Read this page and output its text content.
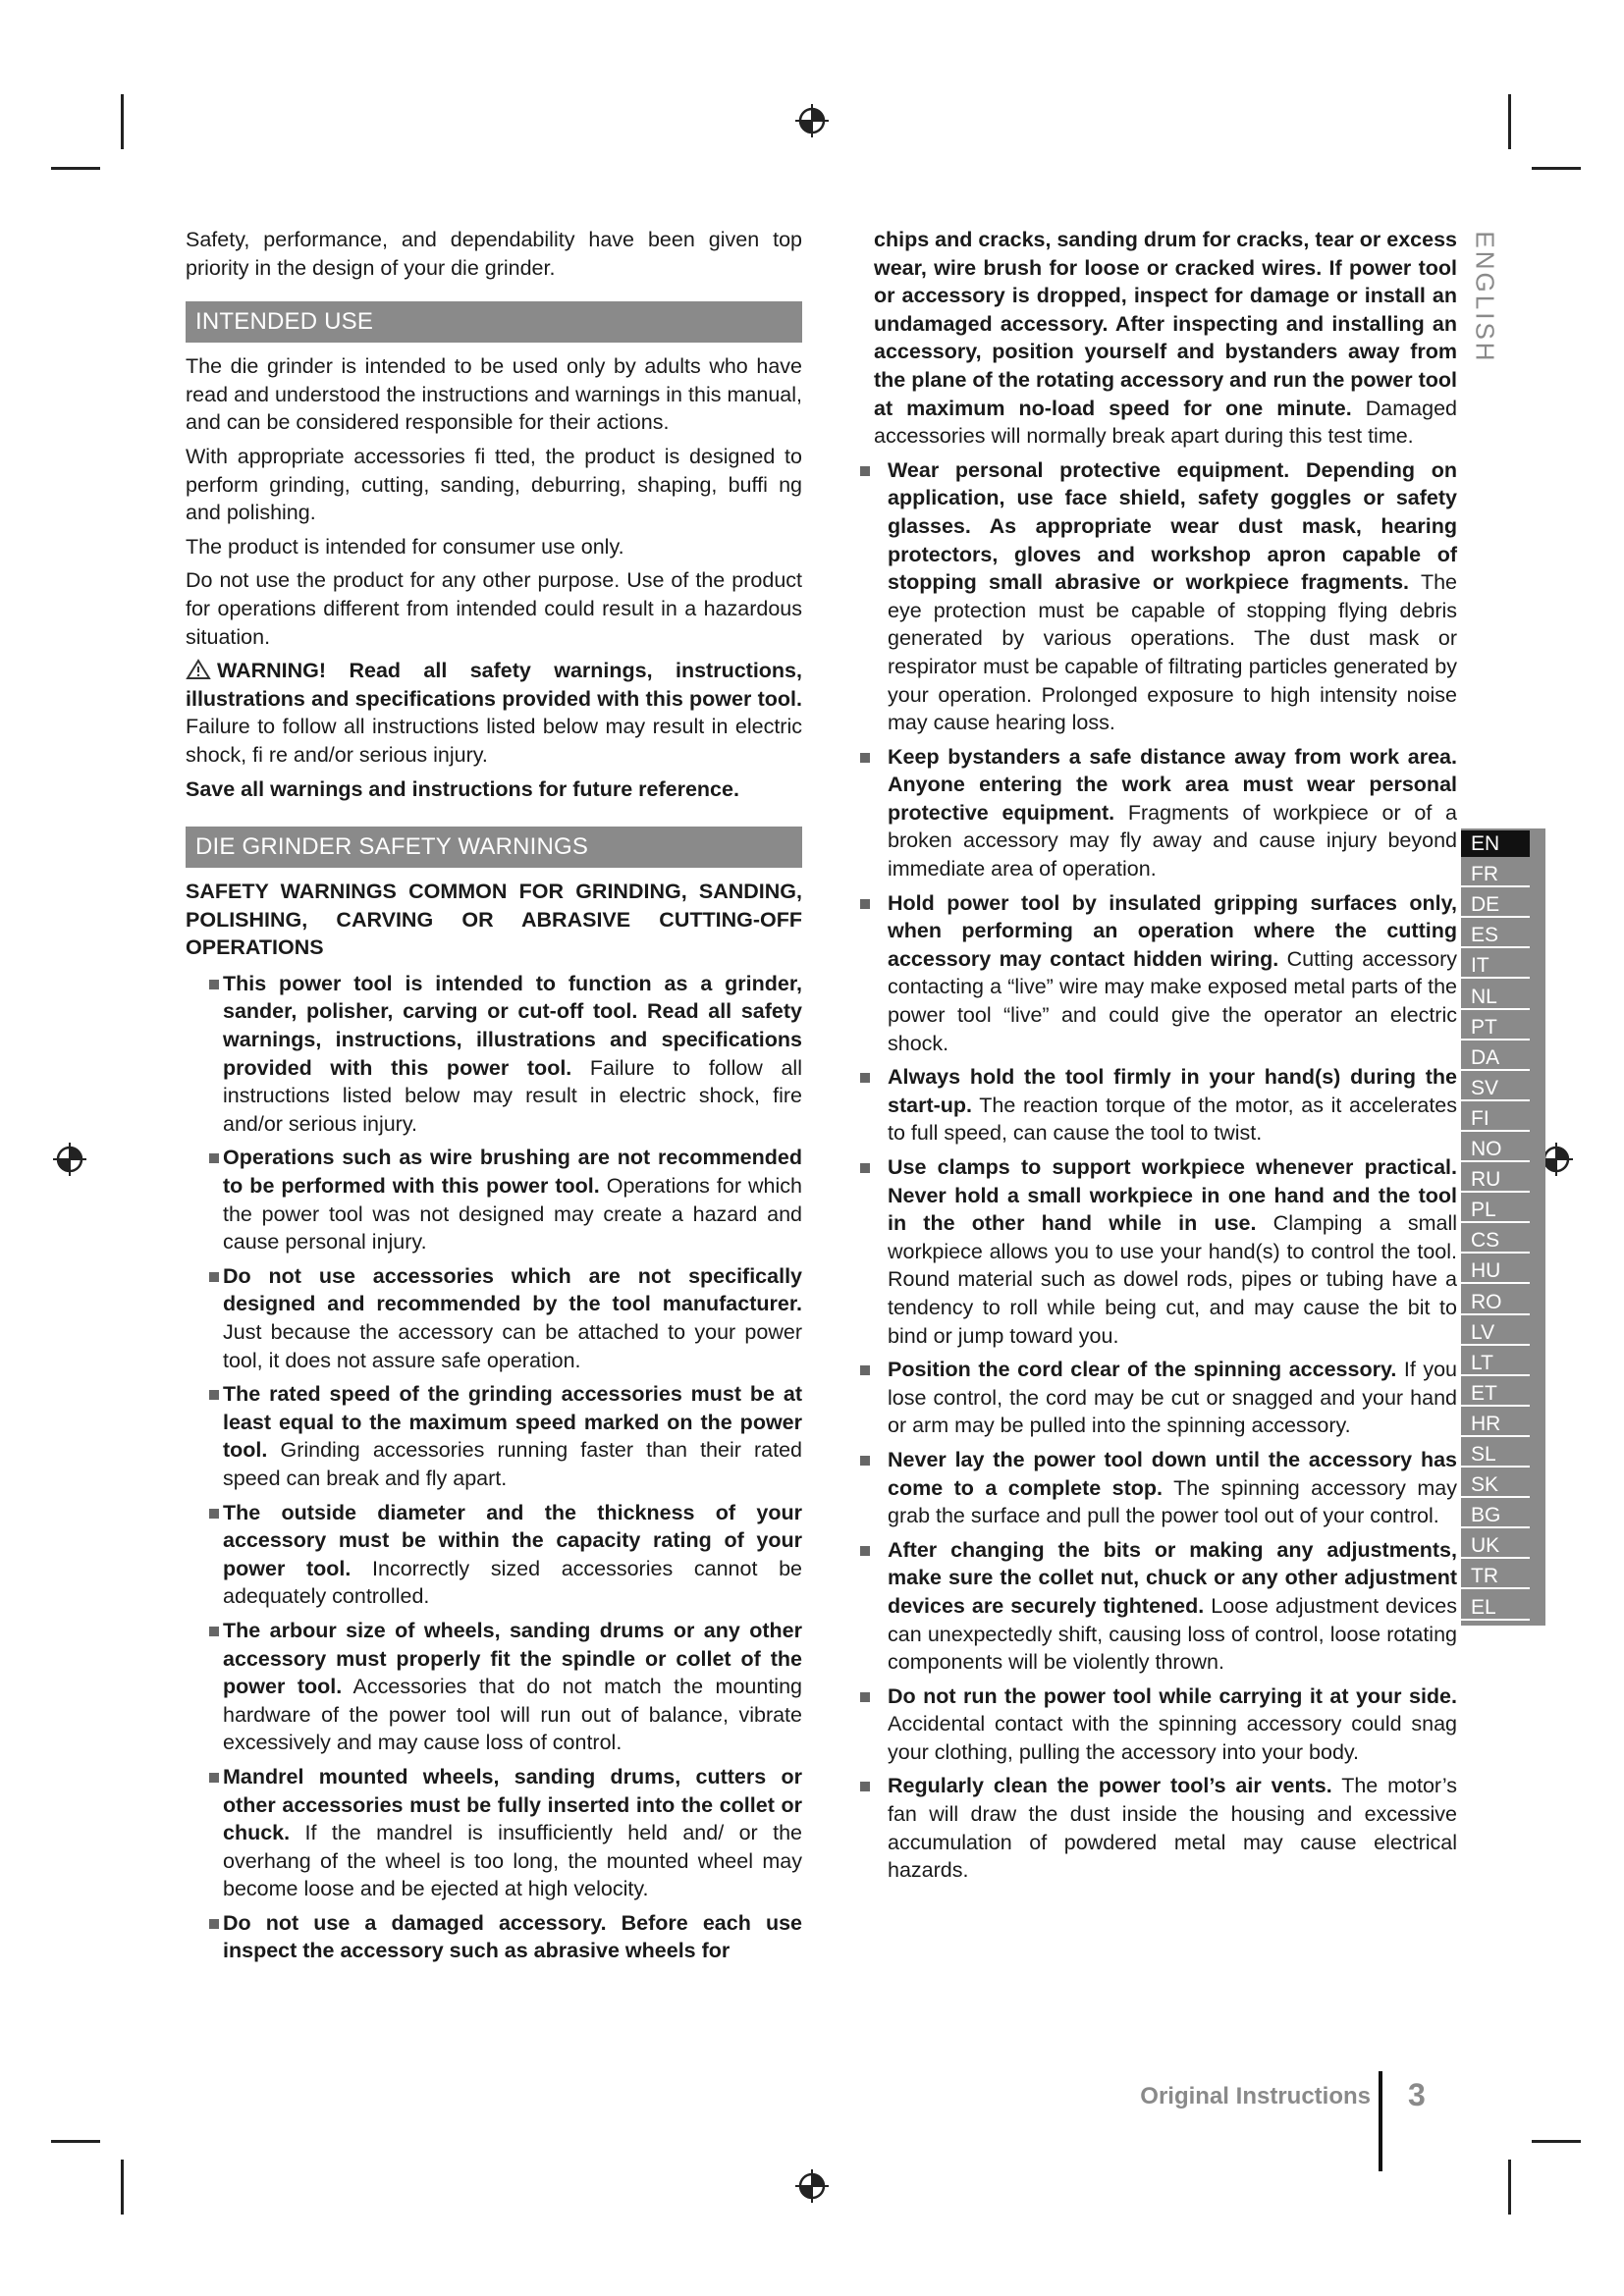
Safety, performance, and dependability have been given top priority in the design of your die grinder.

INTENDED USE

The die grinder is intended to be used only by adults who have read and understood the instructions and warnings in this manual, and can be considered responsible for their actions.

With appropriate accessories fi tted, the product is designed to perform grinding, cutting, sanding, deburring, shaping, buffi ng and polishing.

The product is intended for consumer use only.

Do not use the product for any other purpose. Use of the product for operations different from intended could result in a hazardous situation.

WARNING! Read all safety warnings, instructions, illustrations and specifications provided with this power tool. Failure to follow all instructions listed below may result in electric shock, fi re and/or serious injury.

Save all warnings and instructions for future reference.

DIE GRINDER SAFETY WARNINGS

SAFETY WARNINGS COMMON FOR GRINDING, SANDING, POLISHING, CARVING OR ABRASIVE CUTTING-OFF OPERATIONS

This power tool is intended to function as a grinder, sander, polisher, carving or cut-off tool. Read all safety warnings, instructions, illustrations and specifications provided with this power tool. Failure to follow all instructions listed below may result in electric shock, fire and/or serious injury.

Operations such as wire brushing are not recommended to be performed with this power tool. Operations for which the power tool was not designed may create a hazard and cause personal injury.

Do not use accessories which are not specifically designed and recommended by the tool manufacturer. Just because the accessory can be attached to your power tool, it does not assure safe operation.

The rated speed of the grinding accessories must be at least equal to the maximum speed marked on the power tool. Grinding accessories running faster than their rated speed can break and fly apart.

The outside diameter and the thickness of your accessory must be within the capacity rating of your power tool. Incorrectly sized accessories cannot be adequately controlled.

The arbour size of wheels, sanding drums or any other accessory must properly fit the spindle or collet of the power tool. Accessories that do not match the mounting hardware of the power tool will run out of balance, vibrate excessively and may cause loss of control.

Mandrel mounted wheels, sanding drums, cutters or other accessories must be fully inserted into the collet or chuck. If the mandrel is insufficiently held and/ or the overhang of the wheel is too long, the mounted wheel may become loose and be ejected at high velocity.

Do not use a damaged accessory. Before each use inspect the accessory such as abrasive wheels for

chips and cracks, sanding drum for cracks, tear or excess wear, wire brush for loose or cracked wires. If power tool or accessory is dropped, inspect for damage or install an undamaged accessory. After inspecting and installing an accessory, position yourself and bystanders away from the plane of the rotating accessory and run the power tool at maximum no-load speed for one minute. Damaged accessories will normally break apart during this test time.

Wear personal protective equipment. Depending on application, use face shield, safety goggles or safety glasses. As appropriate wear dust mask, hearing protectors, gloves and workshop apron capable of stopping small abrasive or workpiece fragments. The eye protection must be capable of stopping flying debris generated by various operations. The dust mask or respirator must be capable of filtrating particles generated by your operation. Prolonged exposure to high intensity noise may cause hearing loss.

Keep bystanders a safe distance away from work area. Anyone entering the work area must wear personal protective equipment. Fragments of workpiece or of a broken accessory may fly away and cause injury beyond immediate area of operation.

Hold power tool by insulated gripping surfaces only, when performing an operation where the cutting accessory may contact hidden wiring. Cutting accessory contacting a “live” wire may make exposed metal parts of the power tool “live” and could give the operator an electric shock.

Always hold the tool firmly in your hand(s) during the start-up. The reaction torque of the motor, as it accelerates to full speed, can cause the tool to twist.

Use clamps to support workpiece whenever practical. Never hold a small workpiece in one hand and the tool in the other hand while in use. Clamping a small workpiece allows you to use your hand(s) to control the tool. Round material such as dowel rods, pipes or tubing have a tendency to roll while being cut, and may cause the bit to bind or jump toward you.

Position the cord clear of the spinning accessory. If you lose control, the cord may be cut or snagged and your hand or arm may be pulled into the spinning accessory.

Never lay the power tool down until the accessory has come to a complete stop. The spinning accessory may grab the surface and pull the power tool out of your control.

After changing the bits or making any adjustments, make sure the collet nut, chuck or any other adjustment devices are securely tightened. Loose adjustment devices can unexpectedly shift, causing loss of control, loose rotating components will be violently thrown.

Do not run the power tool while carrying it at your side. Accidental contact with the spinning accessory could snag your clothing, pulling the accessory into your body.

Regularly clean the power tool’s air vents. The motor’s fan will draw the dust inside the housing and excessive accumulation of powdered metal may cause electrical hazards.

ENGLISH
EN
FR
DE
ES
IT
NL
PT
DA
SV
FI
NO
RU
PL
CS
HU
RO
LV
LT
ET
HR
SL
SK
BG
UK
TR
EL
Original Instructions 3
